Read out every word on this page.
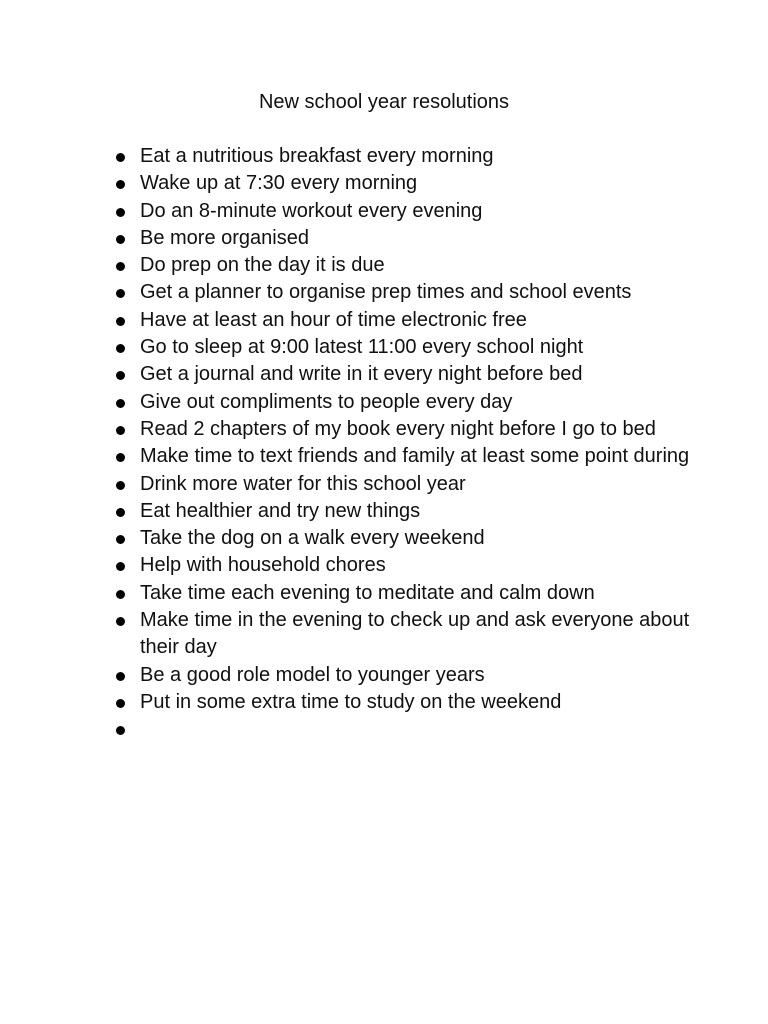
New school year resolutions
Eat a nutritious breakfast every morning
Wake up at 7:30 every morning
Do an 8-minute workout every evening
Be more organised
Do prep on the day it is due
Get a planner to organise prep times and school events
Have at least an hour of time electronic free
Go to sleep at 9:00 latest 11:00 every school night
Get a journal and write in it every night before bed
Give out compliments to people every day
Read 2 chapters of my book every night before I go to bed
Make time to text friends and family at least some point during
Drink more water for this school year
Eat healthier and try new things
Take the dog on a walk every weekend
Help with household chores
Take time each evening to meditate and calm down
Make time in the evening to check up and ask everyone about their day
Be a good role model to younger years
Put in some extra time to study on the weekend
